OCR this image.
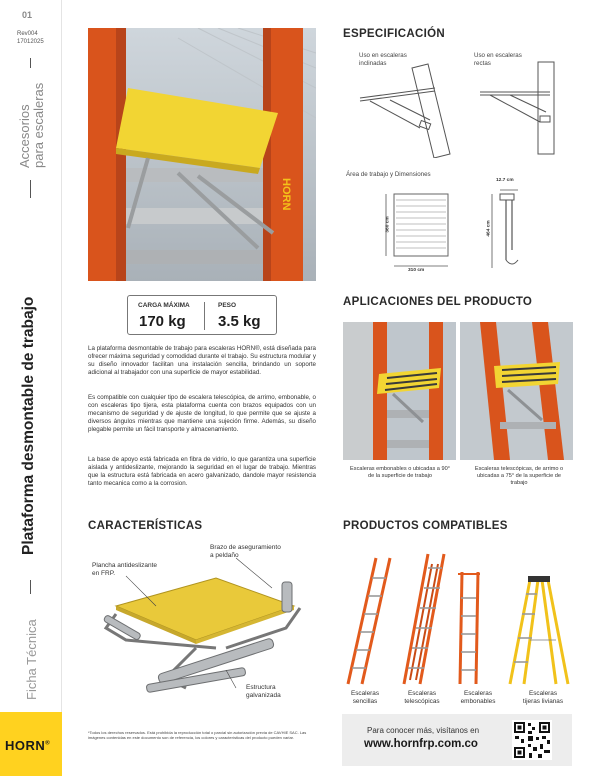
01
Rev004
17012025
Accesorios para escaleras
Plataforma desmontable de trabajo
Ficha Técnica
HORN®
HORN
CARGA MÁXIMA
170 kg
PESO
3.5 kg
La plataforma desmontable de trabajo para escaleras HORN®, está diseñada para ofrecer máxima seguridad y comodidad durante el trabajo. Su estructura modular y su diseño innovador facilitan una instalación sencilla, brindando un soporte adicional al trabajador con una superficie de mayor estabilidad.
Es compatible con cualquier tipo de escalera telescópica, de arrimo, embonable, o con escaleras tipo tijera, esta plataforma cuenta con brazos equipados con un mecanismo de seguridad y de ajuste de longitud, lo que permite que se ajuste a diversos ángulos mientras que mantiene una sujeción firme. Además, su diseño plegable permite un fácil transporte y almacenamiento.
La base de apoyo está fabricada en fibra de vidrio, lo que garantiza una superficie aislada y antideslizante, mejorando la seguridad en el lugar de trabajo. Mientras que la estructura está fabricada en acero galvanizado, dandole mayor resistencia tanto mecanica como a la corrosion.
ESPECIFICACIÓN
Uso en escaleras
inclinadas
Uso en escaleras
rectas
Área de trabajo y Dimensiones
360 cm
310 cm
12.7 cm
464 cm
APLICACIONES DEL PRODUCTO
Escaleras embonables o ubicadas a 90°
de la superficie de trabajo
Escaleras telescópicas, de arrimo o
ubicadas a 75° de la superficie de
trabajo
CARACTERÍSTICAS
Plancha antideslizante
en FRP.
Brazo de aseguramiento
a peldaño
Estructura
galvanizada
PRODUCTOS COMPATIBLES
Escaleras
sencillas
Escaleras
telescópicas
Escaleras
embonables
Escaleras
tijeras livianas
*Todos los derechos reservados. Está prohibida la reproducción total o parcial sin autorización previa de CAVHIE SAC. Las imágenes contenidas en este documento son de referencia, los colores y características del producto pueden variar.
Para conocer más, visítanos en
www.hornfrp.com.co
